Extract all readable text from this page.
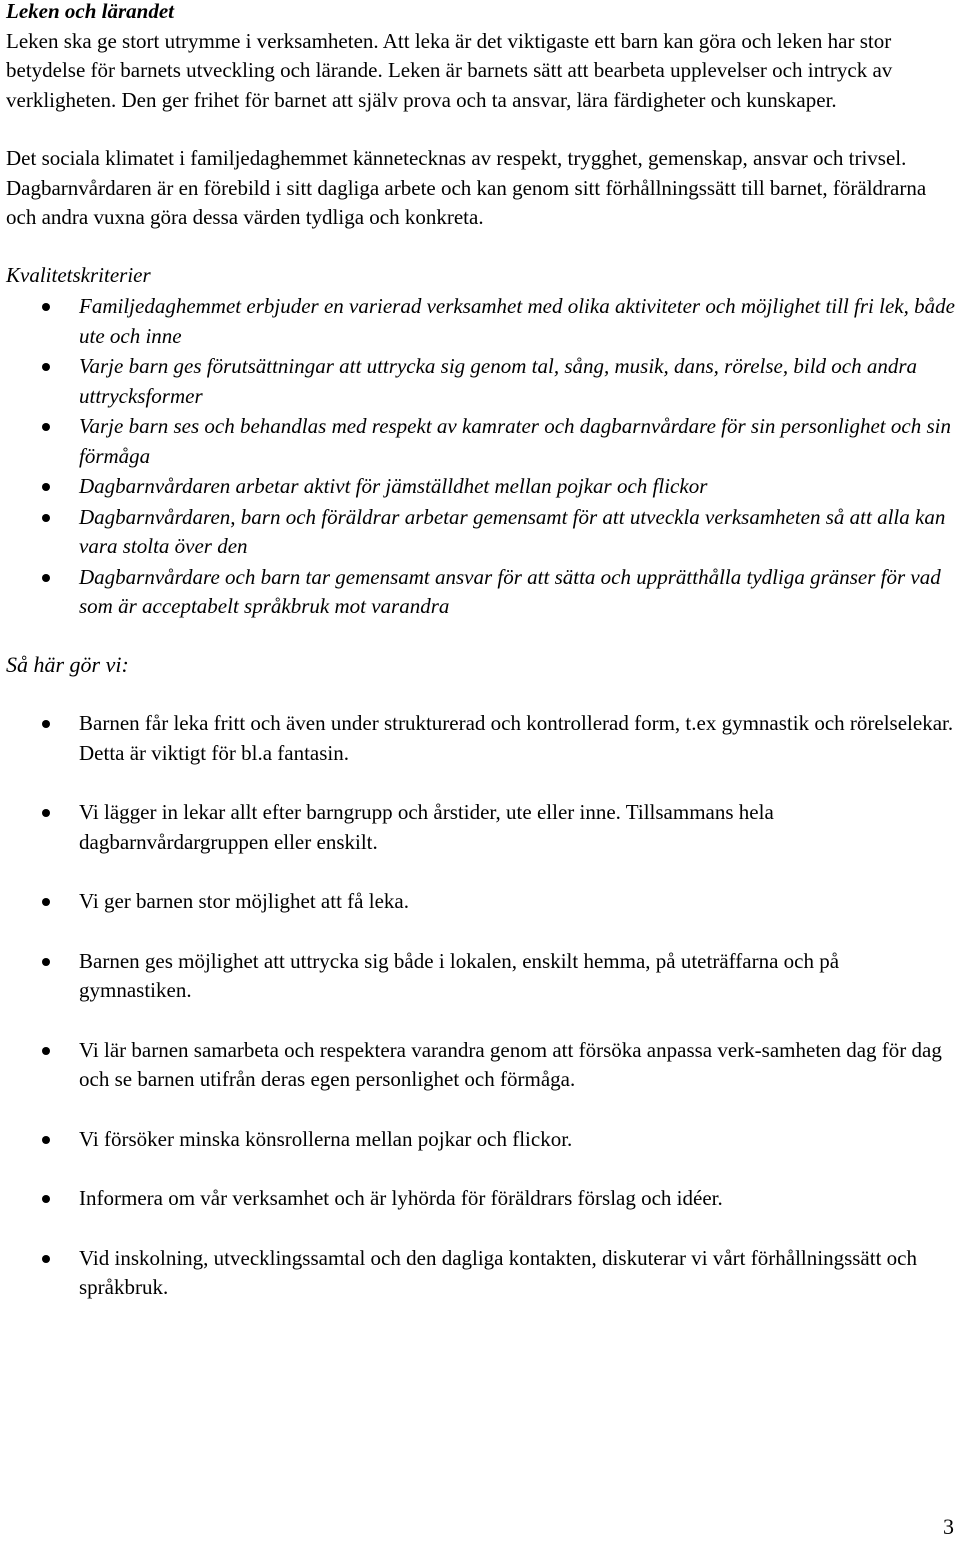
Leken och lärandet

Leken ska ge stort utrymme i verksamheten. Att leka är det viktigaste ett barn kan göra och leken har stor betydelse för barnets utveckling och lärande. Leken är barnets sätt att bearbeta upplevelser och intryck av verkligheten. Den ger frihet för barnet att själv prova och ta ansvar, lära färdigheter och kunskaper.

Det sociala klimatet i familjedaghemmet kännetecknas av respekt, trygghet, gemenskap, ansvar och trivsel. Dagbarnvårdaren är en förebild i sitt dagliga arbete och kan genom sitt förhållningssätt till barnet, föräldrarna och andra vuxna göra dessa värden tydliga och konkreta.

Kvalitetskriterier

Familjedaghemmet erbjuder en varierad verksamhet med olika aktiviteter och möjlighet till fri lek, både ute och inne
Varje barn ges förutsättningar att uttrycka sig genom tal, sång, musik, dans, rörelse, bild och andra uttrycksformer
Varje barn ses och behandlas med respekt av kamrater och dagbarnvårdare för sin personlighet och sin förmåga
Dagbarnvårdaren arbetar aktivt för jämställdhet mellan pojkar och flickor
Dagbarnvårdaren, barn och föräldrar arbetar gemensamt för att utveckla verksamheten så att alla kan vara stolta över den
Dagbarnvårdare och barn tar gemensamt ansvar för att sätta och upprätthålla tydliga gränser för vad som är acceptabelt språkbruk mot varandra

Så här gör vi:

Barnen får leka fritt och även under strukturerad och kontrollerad form, t.ex gymnastik och rörelselekar. Detta är viktigt för bl.a fantasin.
Vi lägger in lekar allt efter barngrupp och årstider, ute eller inne. Tillsammans hela dagbarnvårdargruppen eller enskilt.
Vi ger barnen stor möjlighet att få leka.
Barnen ges möjlighet att uttrycka sig både i lokalen, enskilt hemma, på uteträffarna och på gymnastiken.
Vi lär barnen samarbeta och respektera varandra genom att försöka anpassa verk-samheten dag för dag och se barnen utifrån deras egen personlighet och förmåga.
Vi försöker minska könsrollerna mellan pojkar och flickor.
Informera om vår verksamhet och är lyhörda för föräldrars förslag och idéer.
Vid inskolning, utvecklingssamtal och den dagliga kontakten, diskuterar vi vårt förhållningssätt och språkbruk.
3
